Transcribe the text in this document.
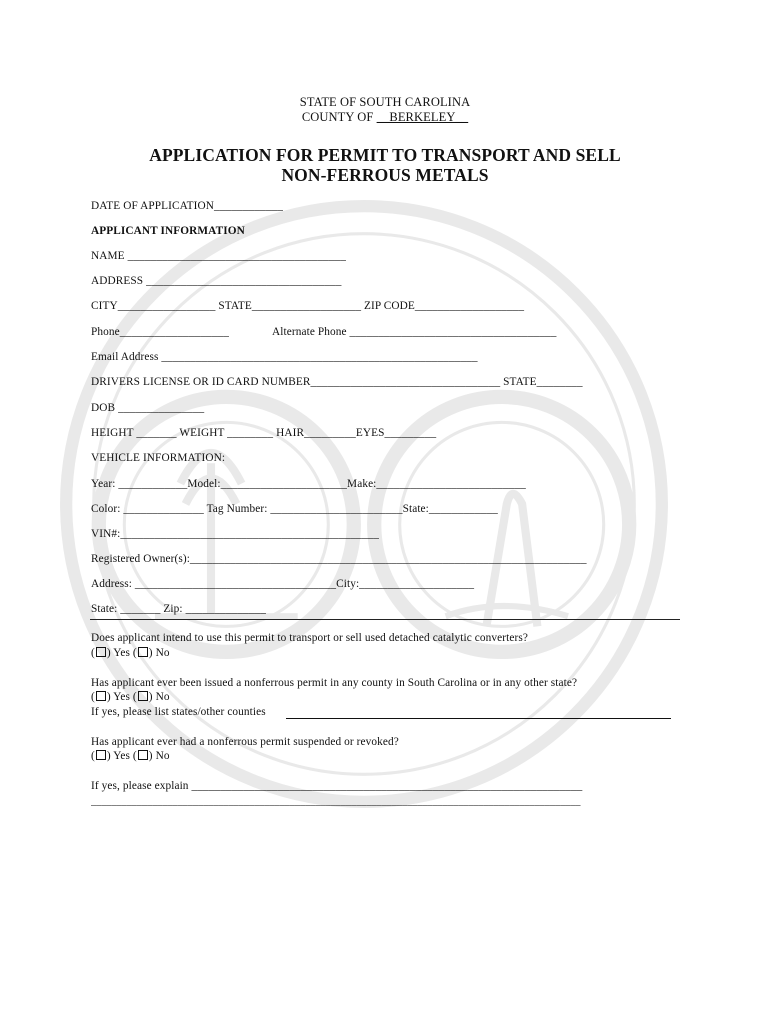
STATE OF SOUTH CAROLINA
COUNTY OF __BERKELEY__
APPLICATION FOR PERMIT TO TRANSPORT AND SELL
NON-FERROUS METALS
DATE OF APPLICATION____________
APPLICANT INFORMATION
NAME ______________________________________
ADDRESS __________________________________
CITY_________________ STATE___________________ ZIP CODE___________________
Phone___________________	Alternate Phone ____________________________________
Email Address _______________________________________________________
DRIVERS LICENSE OR ID CARD NUMBER_________________________________ STATE________
DOB _______________
HEIGHT _______ WEIGHT ________ HAIR_________EYES_________
VEHICLE INFORMATION:
Year: ____________Model:______________________Make:__________________________
Color: ______________ Tag Number: _______________________State:____________
VIN#:_____________________________________________
Registered Owner(s):_____________________________________________________________________
Address: ___________________________________City:____________________
State: _______ Zip: ______________
Does applicant intend to use this permit to transport or sell used detached catalytic converters?
( ) Yes ( ) No
Has applicant ever been issued a nonferrous permit in any county in South Carolina or in any other state?
( ) Yes ( ) No
If yes, please list states/other counties
Has applicant ever had a nonferrous permit suspended or revoked?
( ) Yes ( ) No
If yes, please explain ____________________________________________________________________
________________________________________________________________________________________________
